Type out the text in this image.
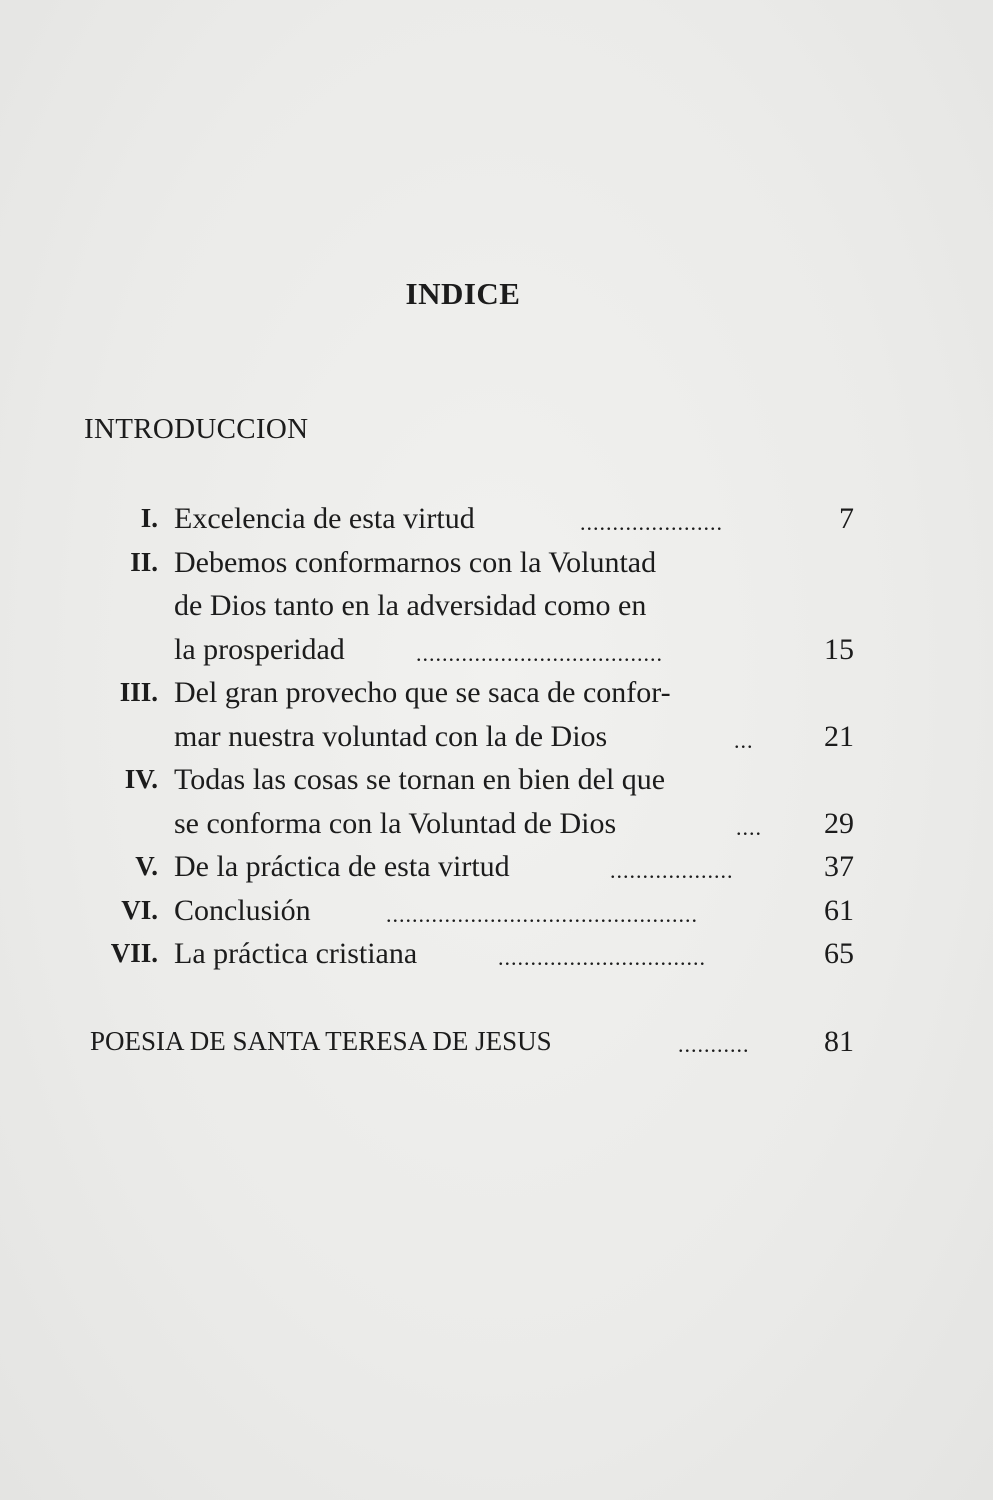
INDICE
INTRODUCCION
I. Excelencia de esta virtud	......................	7
II. Debemos conformarnos con la Voluntad
de Dios tanto en la adversidad como en
la prosperidad	......................................	15
III. Del gran provecho que se saca de confor-
mar nuestra voluntad con la de Dios	...	21
IV. Todas las cosas se tornan en bien del que
se conforma con la Voluntad de Dios	....	29
V. De la práctica de esta virtud	...................	37
VI. Conclusión	................................................	61
VII. La práctica cristiana	................................	65
POESIA DE SANTA TERESA DE JESUS	...........	81
